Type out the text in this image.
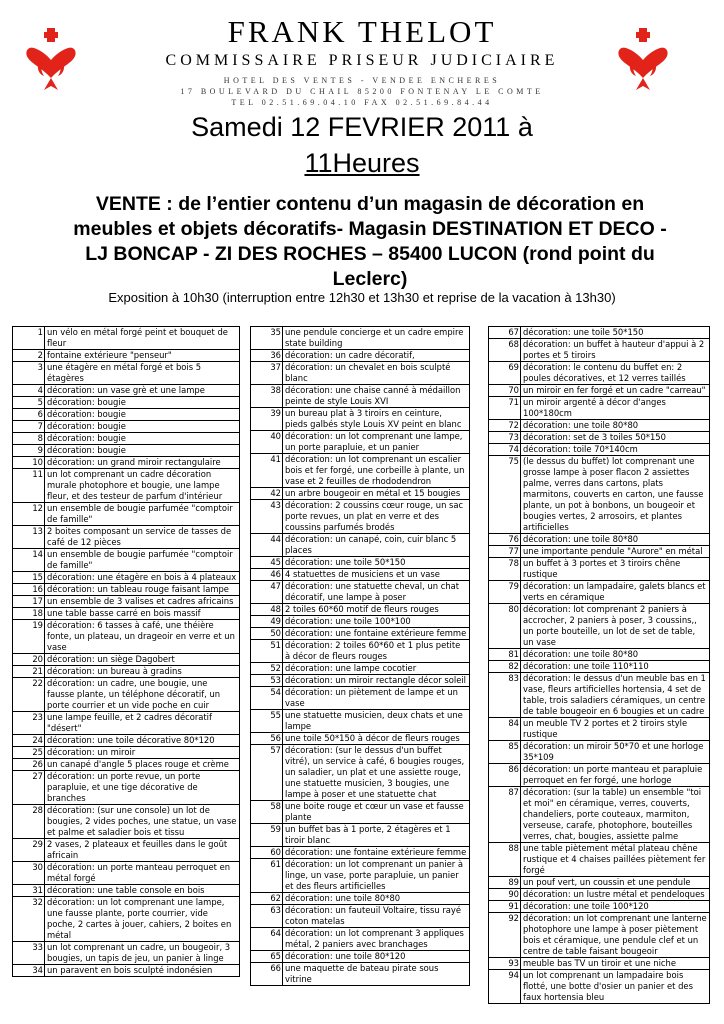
FRANK THELOT
COMMISSAIRE PRISEUR JUDICIAIRE
HOTEL DES VENTES - VENDEE ENCHERES
17 BOULEVARD DU CHAIL 85200 FONTENAY LE COMTE
TEL 02.51.69.04.10 FAX 02.51.69.84.44
Samedi 12 FEVRIER 2011 à
11Heures
VENTE : de l’entier contenu d’un magasin de décoration en meubles et objets décoratifs- Magasin DESTINATION ET DECO - LJ BONCAP - ZI DES ROCHES – 85400 LUCON (rond point du Leclerc)
Exposition à 10h30 (interruption entre 12h30 et 13h30 et reprise de la vacation à 13h30)
1	un vélo en métal forgé peint et bouquet de fleur
2	fontaine extérieure "penseur"
3	une étagère en métal forgé et bois 5 étagères
4	décoration: un vase grè et une lampe
5	décoration: bougie
6	décoration: bougie
7	décoration: bougie
8	décoration: bougie
9	décoration: bougie
10	décoration: un grand miroir rectangulaire
11	un lot comprenant un cadre décoration murale photophore et bougie, une lampe fleur, et des testeur de parfum d'intérieur
12	un ensemble de bougie parfumée "comptoir de famille"
13	2 boites composant un service de tasses de café de 12 pièces
14	un ensemble de bougie parfumée "comptoir de famille"
15	décoration: une étagère en bois à 4 plateaux
16	décoration: un tableau rouge faisant lampe
17	un ensemble de 3 valises et cadres africains
18	une table basse carré en bois massif
19	décoration: 6 tasses à café, une théière fonte, un plateau, un drageoir en verre et un vase
20	décoration: un siège Dagobert
21	décoration: un bureau à gradins
22	décoration: un cadre, une bougie, une fausse plante, un téléphone décoratif, un porte courrier et un vide poche en cuir
23	une lampe feuille, et 2 cadres décoratif "désert"
24	décoration: une toile décorative 80*120
25	décoration: un miroir
26	un canapé d'angle 5 places rouge et crème
27	décoration: un porte revue, un porte parapluie, et une tige décorative de branches
28	décoration: (sur une console) un lot de bougies, 2 vides poches, une statue, un vase et palme et saladier bois et tissu
29	2 vases, 2 plateaux et feuilles dans le goût africain
30	décoration: un porte manteau perroquet en métal forgé
31	décoration: une table console en bois
32	décoration: un lot comprenant une lampe, une fausse plante, porte courrier, vide poche, 2 cartes à jouer, cahiers, 2 boites en métal
33	un lot comprenant un cadre, un bougeoir, 3 bougies, un tapis de jeu, un panier à linge
34	un paravent en bois sculpté indonésien
35	une pendule concierge et un cadre empire state building
36	décoration: un cadre décoratif,
37	décoration: un chevalet en bois sculpté blanc
38	décoration: une chaise canné à médaillon peinte de style Louis XVI
39	un bureau plat à 3 tiroirs en ceinture, pieds galbés style Louis XV peint en blanc
40	décoration: un lot comprenant une lampe, un porte parapluie, et un panier
41	décoration: un lot comprenant un escalier bois et fer forgé, une corbeille à plante, un vase et 2 feuilles de rhododendron
42	un arbre bougeoir en métal et 15 bougies
43	décoration: 2 coussins cœur rouge, un sac porte revues, un plat en verre et des coussins parfumés brodés
44	décoration: un canapé, coin, cuir blanc 5 places
45	décoration: une toile 50*150
46	4 statuettes de musiciens et un vase
47	décoration: une statuette cheval, un chat décoratif, une lampe à poser
48	2 toiles 60*60 motif de fleurs rouges
49	décoration: une toile 100*100
50	décoration: une fontaine extérieure femme
51	décoration: 2 toiles 60*60 et 1 plus petite à décor de fleurs rouges
52	décoration: une lampe cocotier
53	décoration: un miroir rectangle décor soleil
54	décoration: un piètement de lampe et un vase
55	une statuette musicien, deux chats et une lampe
56	une toile 50*150 à décor de fleurs rouges
57	décoration: (sur le dessus d'un buffet vitré), un service à café, 6 bougies rouges, un saladier, un plat et une assiette rouge, une statuette musicien, 3 bougies, une lampe à poser et une statuette chat
58	une boite rouge et cœur un vase et fausse plante
59	un buffet bas à 1 porte, 2 étagères et 1 tiroir blanc
60	décoration: une fontaine extérieure femme
61	décoration: un lot comprenant un panier à linge, un vase, porte parapluie, un panier et des fleurs artificielles
62	décoration: une toile 80*80
63	décoration: un fauteuil Voltaire, tissu rayé coton matelas
64	décoration: un lot comprenant 3 appliques métal, 2 paniers avec branchages
65	décoration: une toile 80*120
66	une maquette de bateau pirate sous vitrine
67	décoration: une toile 50*150
68	décoration: un buffet à hauteur d'appui à 2 portes et 5 tiroirs
69	décoration: le contenu du buffet en: 2 poules décoratives, et 12 verres taillés
70	un miroir en fer forgé et un cadre "carreau"
71	un miroir argenté à décor d'anges 100*180cm
72	décoration: une toile 80*80
73	décoration: set de 3 toiles 50*150
74	décoration: toile 70*140cm
75	(le dessus du buffet) lot comprenant une grosse lampe à poser flacon 2 assiettes palme, verres dans cartons, plats marmitons, couverts en carton, une fausse plante, un pot à bonbons, un bougeoir et bougies vertes, 2 arrosoirs, et plantes artificielles
76	décoration: une toile 80*80
77	une importante pendule "Aurore" en métal
78	un buffet à 3 portes et 3 tiroirs chêne rustique
79	décoration: un lampadaire, galets blancs et verts en céramique
80	décoration: lot comprenant 2 paniers à accrocher, 2 paniers à poser, 3 coussins,, un porte bouteille, un lot de set de table, un vase
81	décoration: une toile 80*80
82	décoration: une toile 110*110
83	décoration: le dessus d'un meuble bas en 1 vase, fleurs artificielles hortensia, 4 set de table, trois saladiers céramiques, un centre de table bougeoir en 6 bougies et un cadre
84	un meuble TV 2 portes et 2 tiroirs style rustique
85	décoration: un miroir 50*70 et une horloge 35*109
86	décoration: un porte manteau et parapluie perroquet en fer forgé, une horloge
87	décoration: (sur la table) un ensemble "toi et moi" en céramique, verres, couverts, chandeliers, porte couteaux, marmiton, verseuse, carafe, photophore, bouteilles verres, chat, bougies, assiette palme
88	une table piètement métal plateau chêne rustique et 4 chaises paillées piètement fer forgé
89	un pouf vert, un coussin et une pendule
90	décoration: un lustre métal et pendeloques
91	décoration: une toile 100*120
92	décoration: un lot comprenant une lanterne photophore une lampe à poser piètement bois et céramique, une pendule clef et un centre de table faisant bougeoir
93	meuble bas TV un tiroir et une niche
94	un lot comprenant un lampadaire bois flotté, une botte d'osier un panier et des faux hortensia bleu
